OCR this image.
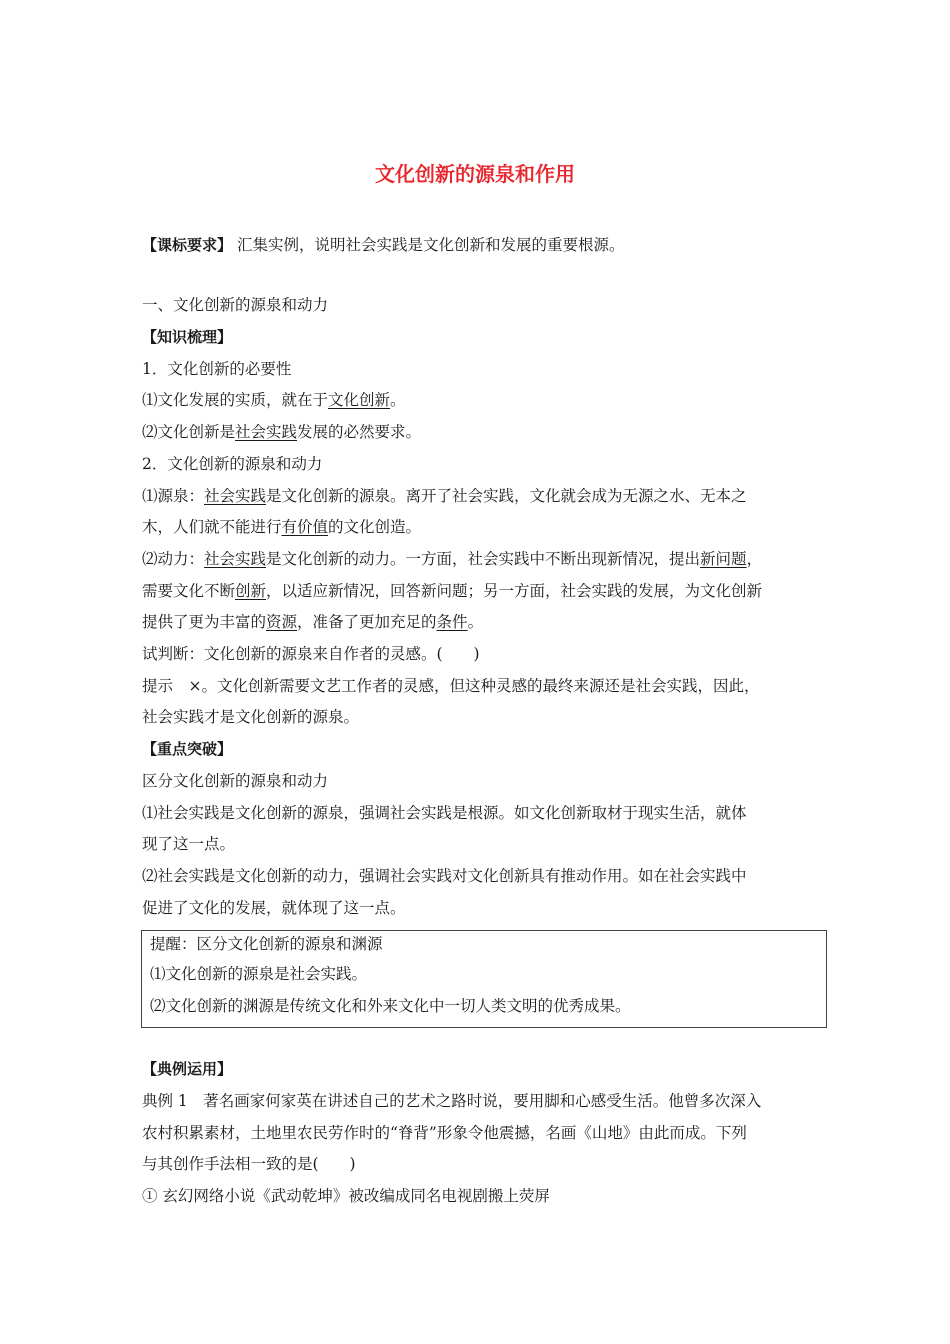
文化创新的源泉和作用
【课标要求】 汇集实例，说明社会实践是文化创新和发展的重要根源。
一、文化创新的源泉和动力
【知识梳理】
1．文化创新的必要性
⑴文化发展的实质，就在于文化创新。
⑵文化创新是社会实践发展的必然要求。
2．文化创新的源泉和动力
⑴源泉：社会实践是文化创新的源泉。离开了社会实践，文化就会成为无源之水、无本之
木，人们就不能进行有价值的文化创造。
⑵动力：社会实践是文化创新的动力。一方面，社会实践中不断出现新情况，提出新问题，
需要文化不断创新，以适应新情况，回答新问题；另一方面，社会实践的发展，为文化创新
提供了更为丰富的资源，准备了更加充足的条件。
试判断：文化创新的源泉来自作者的灵感。(　　)
提示　×。文化创新需要文艺工作者的灵感，但这种灵感的最终来源还是社会实践，因此，
社会实践才是文化创新的源泉。
【重点突破】
区分文化创新的源泉和动力
⑴社会实践是文化创新的源泉，强调社会实践是根源。如文化创新取材于现实生活，就体
现了这一点。
⑵社会实践是文化创新的动力，强调社会实践对文化创新具有推动作用。如在社会实践中
促进了文化的发展，就体现了这一点。
提醒：区分文化创新的源泉和渊源
⑴文化创新的源泉是社会实践。
⑵文化创新的渊源是传统文化和外来文化中一切人类文明的优秀成果。
【典例运用】
典例 1　著名画家何家英在讲述自己的艺术之路时说，要用脚和心感受生活。他曾多次深入
农村积累素材，土地里农民劳作时的“脊背”形象令他震撼，名画《山地》由此而成。下列
与其创作手法相一致的是(　　)
① 玄幻网络小说《武动乾坤》被改编成同名电视剧搬上荧屏
